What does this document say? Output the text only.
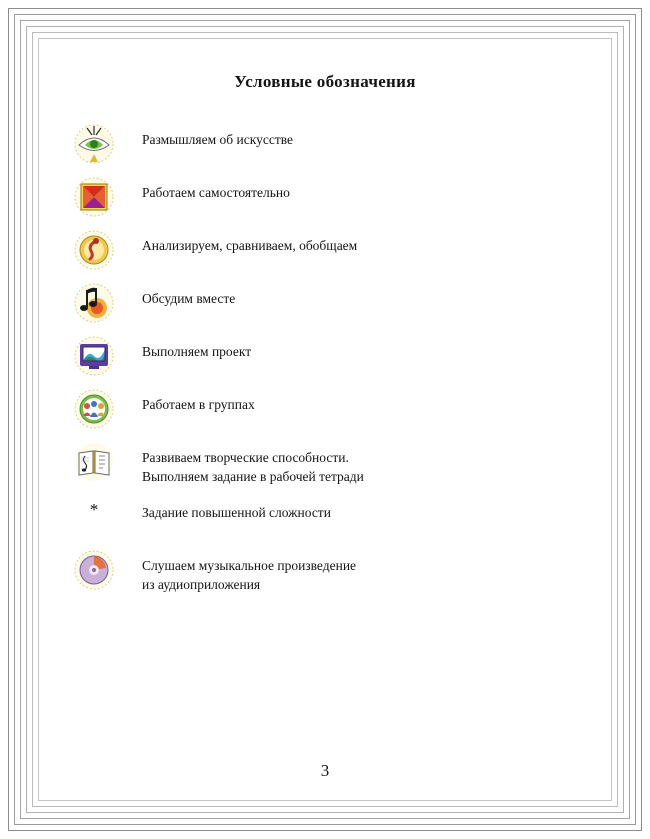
Условные обозначения
Размышляем об искусстве
Работаем самостоятельно
Анализируем, сравниваем, обобщаем
Обсудим вместе
Выполняем проект
Работаем в группах
Развиваем творческие способности.
Выполняем задание в рабочей тетради
*	Задание повышенной сложности
Слушаем музыкальное произведение
из аудиоприложения
3
